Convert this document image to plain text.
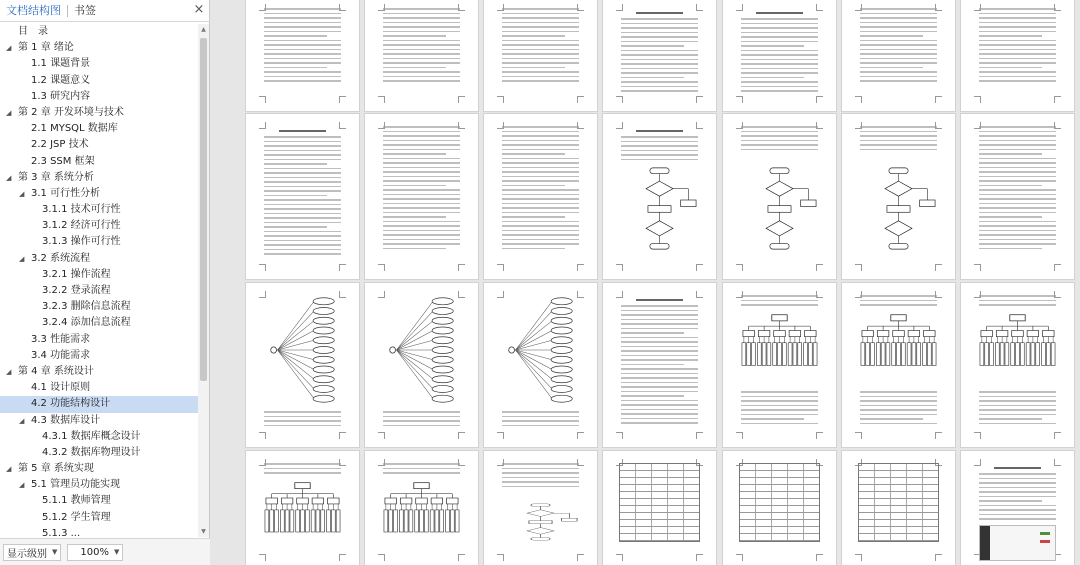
文档结构图	书签	×
目　录
◢ 第 1 章 绪论
1.1 课题背景
1.2 课题意义
1.3 研究内容
◢ 第 2 章 开发环境与技术
2.1 MYSQL 数据库
2.2 JSP 技术
2.3 SSM 框架
◢ 第 3 章 系统分析
◢ 3.1 可行性分析
3.1.1 技术可行性
3.1.2 经济可行性
3.1.3 操作可行性
◢ 3.2 系统流程
3.2.1 操作流程
3.2.2 登录流程
3.2.3 删除信息流程
3.2.4 添加信息流程
3.3 性能需求
3.4 功能需求
◢ 第 4 章 系统设计
4.1 设计原则
4.2 功能结构设计
◢ 4.3 数据库设计
4.3.1 数据库概念设计
4.3.2 数据库物理设计
◢ 第 5 章 系统实现
◢ 5.1 管理员功能实现
5.1.1 教师管理
5.1.2 学生管理
5.1.3 ...
▲
▼
显示级别 ▼ 100% ▼
